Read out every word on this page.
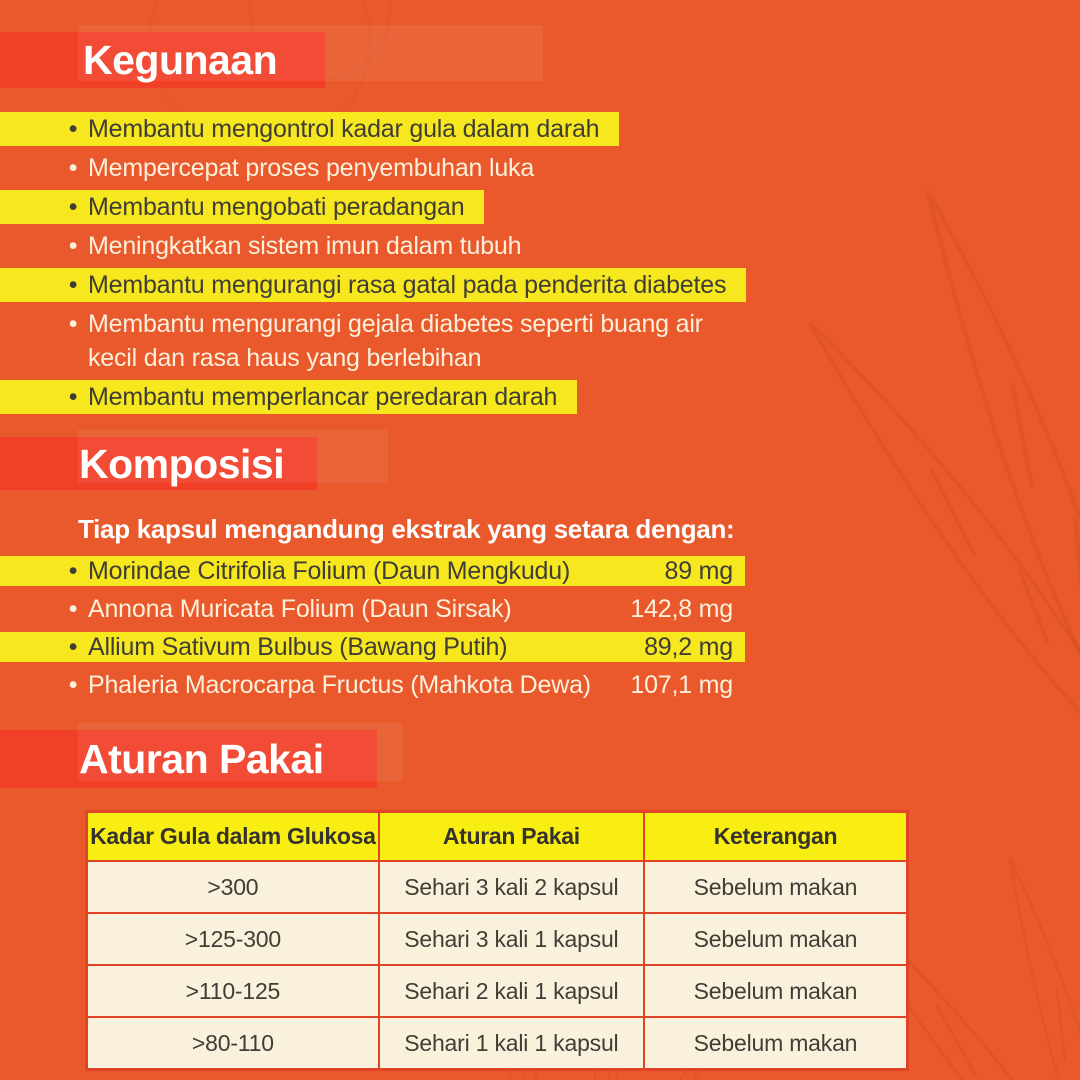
Kegunaan
• Membantu mengontrol kadar gula dalam darah
• Mempercepat proses penyembuhan luka
• Membantu mengobati peradangan
• Meningkatkan sistem imun dalam tubuh
• Membantu mengurangi rasa gatal pada penderita diabetes
• Membantu mengurangi gejala diabetes seperti buang air kecil dan rasa haus yang berlebihan
• Membantu memperlancar peredaran darah
Komposisi

Tiap kapsul mengandung ekstrak yang setara dengan:

• Morindae Citrifolia Folium (Daun Mengkudu)	89 mg
• Annona Muricata Folium (Daun Sirsak)	142,8 mg
• Allium Sativum Bulbus (Bawang Putih)	89,2 mg
• Phaleria Macrocarpa Fructus (Mahkota Dewa) 107,1 mg
Aturan Pakai
Kadar Gula dalam Glukosa	Aturan Pakai	Keterangan
>300	Sehari 3 kali 2 kapsul	Sebelum makan
>125-300	Sehari 3 kali 1 kapsul	Sebelum makan
>110-125	Sehari 2 kali 1 kapsul	Sebelum makan
>80-110	Sehari 1 kali 1 kapsul	Sebelum makan
